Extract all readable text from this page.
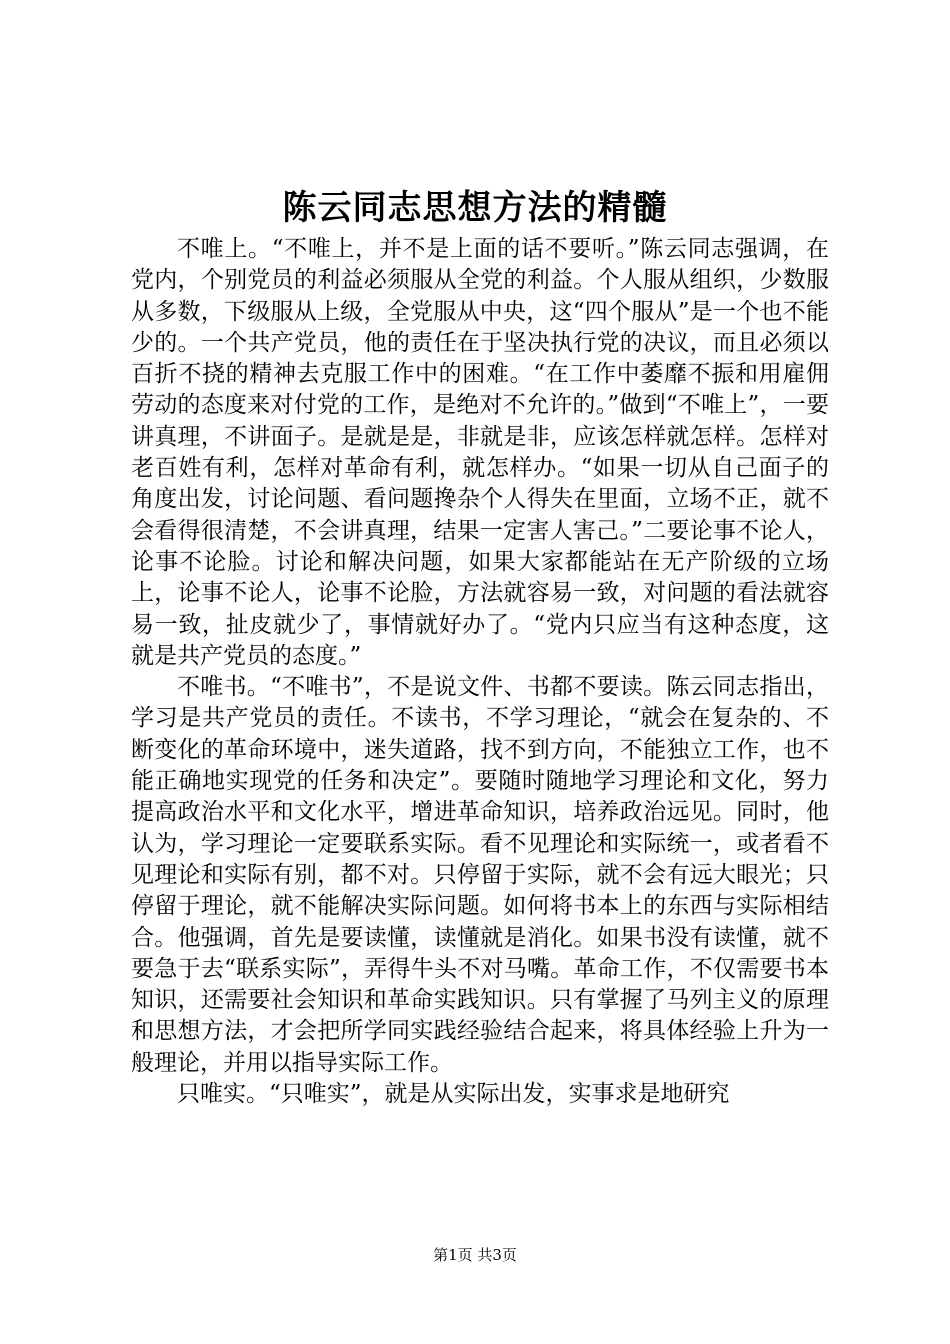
陈云同志思想方法的精髓

不唯上。“不唯上，并不是上面的话不要听。”陈云同志强调，在党内，个别党员的利益必须服从全党的利益。个人服从组织，少数服从多数，下级服从上级，全党服从中央，这“四个服从”是一个也不能少的。一个共产党员，他的责任在于坚决执行党的决议，而且必须以百折不挠的精神去克服工作中的困难。“在工作中萎靡不振和用雇佣劳动的态度来对付党的工作，是绝对不允许的。”做到“不唯上”，一要讲真理，不讲面子。是就是是，非就是非，应该怎样就怎样。怎样对老百姓有利，怎样对革命有利，就怎样办。“如果一切从自己面子的角度出发，讨论问题、看问题搀杂个人得失在里面，立场不正，就不会看得很清楚，不会讲真理，结果一定害人害己。”二要论事不论人，论事不论脸。讨论和解决问题，如果大家都能站在无产阶级的立场上，论事不论人，论事不论脸，方法就容易一致，对问题的看法就容易一致，扯皮就少了，事情就好办了。“党内只应当有这种态度，这就是共产党员的态度。”

不唯书。“不唯书”，不是说文件、书都不要读。陈云同志指出，学习是共产党员的责任。不读书，不学习理论，“就会在复杂的、不断变化的革命环境中，迷失道路，找不到方向，不能独立工作，也不能正确地实现党的任务和决定”。要随时随地学习理论和文化，努力提高政治水平和文化水平，增进革命知识，培养政治远见。同时，他认为，学习理论一定要联系实际。看不见理论和实际统一，或者看不见理论和实际有别，都不对。只停留于实际，就不会有远大眼光；只停留于理论，就不能解决实际问题。如何将书本上的东西与实际相结合。他强调，首先是要读懂，读懂就是消化。如果书没有读懂，就不要急于去“联系实际”，弄得牛头不对马嘴。革命工作，不仅需要书本知识，还需要社会知识和革命实践知识。只有掌握了马列主义的原理和思想方法，才会把所学同实践经验结合起来，将具体经验上升为一般理论，并用以指导实际工作。

只唯实。“只唯实”，就是从实际出发，实事求是地研究

第1页 共3页
